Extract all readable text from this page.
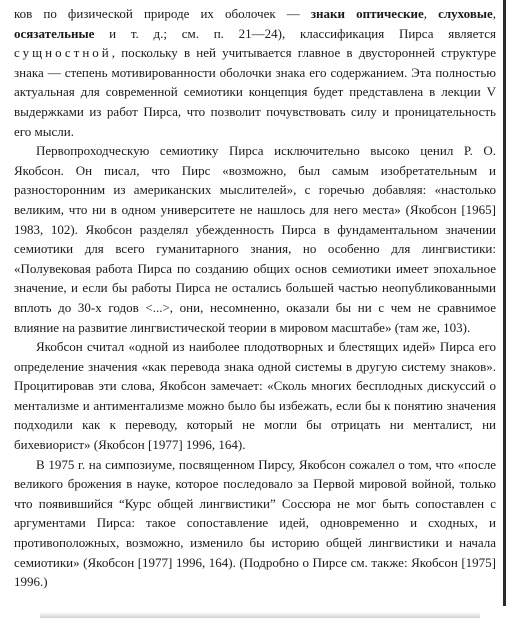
ков по физической природе их оболочек — знаки оптические, слуховые, осязательные и т. д.; см. п. 21—24), классификация Пирса является сущностной, поскольку в ней учитывается главное в двусторонней структуре знака — степень мотивированности оболочки знака его содержанием. Эта полностью актуальная для современной семиотики концепция будет представлена в лекции V выдержками из работ Пирса, что позволит почувствовать силу и проницательность его мысли.

Первопроходческую семиотику Пирса исключительно высоко ценил Р. О. Якобсон. Он писал, что Пирс «возможно, был самым изобретательным и разносторонним из американских мыслителей», с горечью добавляя: «настолько великим, что ни в одном университете не нашлось для него места» (Якобсон [1965] 1983, 102). Якобсон разделял убежденность Пирса в фундаментальном значении семиотики для всего гуманитарного знания, но особенно для лингвистики: «Полувековая работа Пирса по созданию общих основ семиотики имеет эпохальное значение, и если бы работы Пирса не остались большей частью неопубликованными вплоть до 30-х годов <...>, они, несомненно, оказали бы ни с чем не сравнимое влияние на развитие лингвистической теории в мировом масштабе» (там же, 103).

Якобсон считал «одной из наиболее плодотворных и блестящих идей» Пирса его определение значения «как перевода знака одной системы в другую систему знаков». Процитировав эти слова, Якобсон замечает: «Сколь многих бесплодных дискуссий о ментализме и антиментализме можно было бы избежать, если бы к понятию значения подходили как к переводу, который не могли бы отрицать ни менталист, ни бихевиорист» (Якобсон [1977] 1996, 164).

В 1975 г. на симпозиуме, посвященном Пирсу, Якобсон сожалел о том, что «после великого брожения в науке, которое последовало за Первой мировой войной, только что появившийся “Курс общей лингвистики” Соссюра не мог быть сопоставлен с аргументами Пирса: такое сопоставление идей, одновременно и сходных, и противоположных, возможно, изменило бы историю общей лингвистики и начала семиотики» (Якобсон [1977] 1996, 164). (Подробно о Пирсе см. также: Якобсон [1975] 1996.)
